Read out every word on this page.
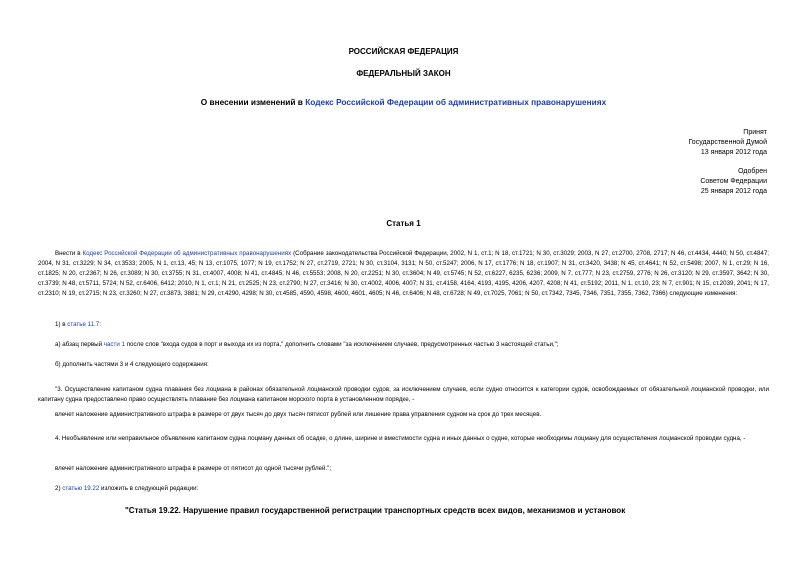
РОССИЙСКАЯ ФЕДЕРАЦИЯ
ФЕДЕРАЛЬНЫЙ ЗАКОН
О внесении изменений в Кодекс Российской Федерации об административных правонарушениях
Принят
Государственной Думой
13 января 2012 года
Одобрен
Советом Федерации
25 января 2012 года
Статья 1
Внести в Кодекс Российской Федерации об административных правонарушениях (Собрание законодательства Российской Федерации, 2002, N 1, ст.1; N 18, ст.1721; N 30, ст.3029; 2003, N 27, ст.2700, 2708, 2717; N 46, ст.4434, 4440; N 50, ст.4847; 2004, N 31, ст.3229; N 34, ст.3533; 2005, N 1, ст.13, 45; N 13, ст.1075, 1077; N 19, ст.1752; N 27, ст.2719, 2721; N 30, ст.3104, 3131; N 50, ст.5247; 2006, N 17, ст.1776; N 18, ст.1907; N 31, ст.3420, 3438; N 45, ст.4641; N 52, ст.5498; 2007, N 1, ст.29; N 16, ст.1825; N 20, ст.2367; N 26, ст.3089; N 30, ст.3755; N 31, ст.4007, 4008; N 41, ст.4845; N 46, ст.5553; 2008, N 20, ст.2251; N 30, ст.3604; N 49, ст.5745; N 52, ст.6227, 6235, 6236; 2009, N 7, ст.777; N 23, ст.2759, 2776; N 26, ст.3120; N 29, ст.3597, 3642; N 30, ст.3739; N 48, ст.5711, 5724; N 52, ст.6406, 6412; 2010, N 1, ст.1; N 21, ст.2525; N 23, ст.2790; N 27, ст.3416; N 30, ст.4002, 4006, 4007; N 31, ст.4158, 4164, 4193, 4195, 4206, 4207, 4208; N 41, ст.5192; 2011, N 1, ст.10, 23; N 7, ст.901; N 15, ст.2039, 2041; N 17, ст.2310; N 19, ст.2715; N 23, ст.3260; N 27, ст.3873, 3881; N 29, ст.4290, 4298; N 30, ст.4585, 4590, 4598, 4600, 4601, 4605; N 46, ст.6406; N 48, ст.6728; N 49, ст.7025, 7061; N 50, ст.7342, 7345, 7346, 7351, 7355, 7362, 7366) следующие изменения:
1) в статье 11.7:
а) абзац первый части 1 после слов "входа судов в порт и выхода их из порта," дополнить словами "за исключением случаев, предусмотренных частью 3 настоящей статьи,";
б) дополнить частями 3 и 4 следующего содержания:
"3. Осуществление капитаном судна плавания без лоцмана в районах обязательной лоцманской проводки судов, за исключением случаев, если судно относится к категории судов, освобождаемых от обязательной лоцманской проводки, или капитану судна предоставлено право осуществлять плавание без лоцмана капитаном морского порта в установленном порядке, -
влечет наложение административного штрафа в размере от двух тысяч до двух тысяч пятисот рублей или лишение права управления судном на срок до трех месяцев.
4. Необъявление или неправильное объявление капитаном судна лоцману данных об осадке, о длине, ширине и вместимости судна и иных данных о судне, которые необходимы лоцману для осуществления лоцманской проводки судна, -
влечет наложение административного штрафа в размере от пятисот до одной тысячи рублей.";
2) статью 19.22 изложить в следующей редакции:
"Статья 19.22. Нарушение правил государственной регистрации транспортных средств всех видов, механизмов и установок
